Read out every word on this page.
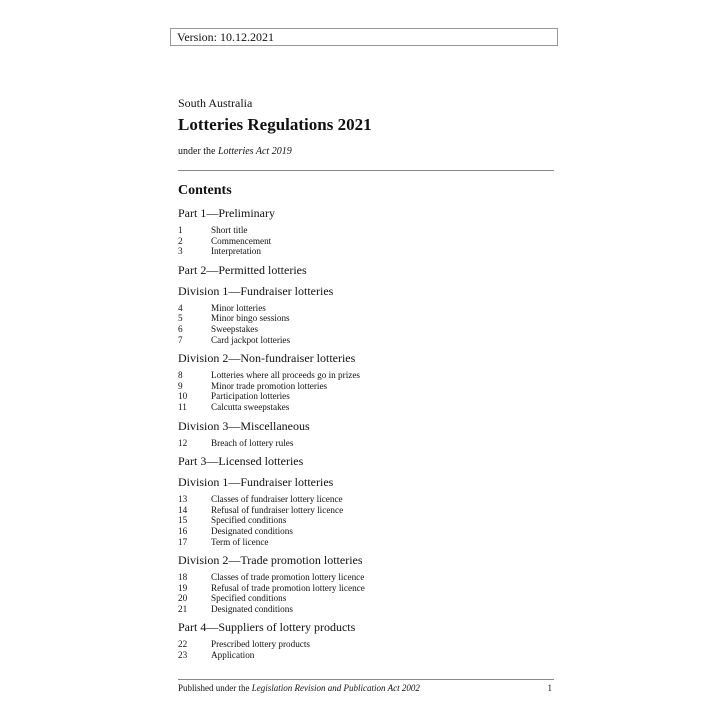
Version: 10.12.2021
South Australia
Lotteries Regulations 2021
under the Lotteries Act 2019
Contents
Part 1—Preliminary
1	Short title
2	Commencement
3	Interpretation
Part 2—Permitted lotteries
Division 1—Fundraiser lotteries
4	Minor lotteries
5	Minor bingo sessions
6	Sweepstakes
7	Card jackpot lotteries
Division 2—Non-fundraiser lotteries
8	Lotteries where all proceeds go in prizes
9	Minor trade promotion lotteries
10	Participation lotteries
11	Calcutta sweepstakes
Division 3—Miscellaneous
12	Breach of lottery rules
Part 3—Licensed lotteries
Division 1—Fundraiser lotteries
13	Classes of fundraiser lottery licence
14	Refusal of fundraiser lottery licence
15	Specified conditions
16	Designated conditions
17	Term of licence
Division 2—Trade promotion lotteries
18	Classes of trade promotion lottery licence
19	Refusal of trade promotion lottery licence
20	Specified conditions
21	Designated conditions
Part 4—Suppliers of lottery products
22	Prescribed lottery products
23	Application
Published under the Legislation Revision and Publication Act 2002	1
